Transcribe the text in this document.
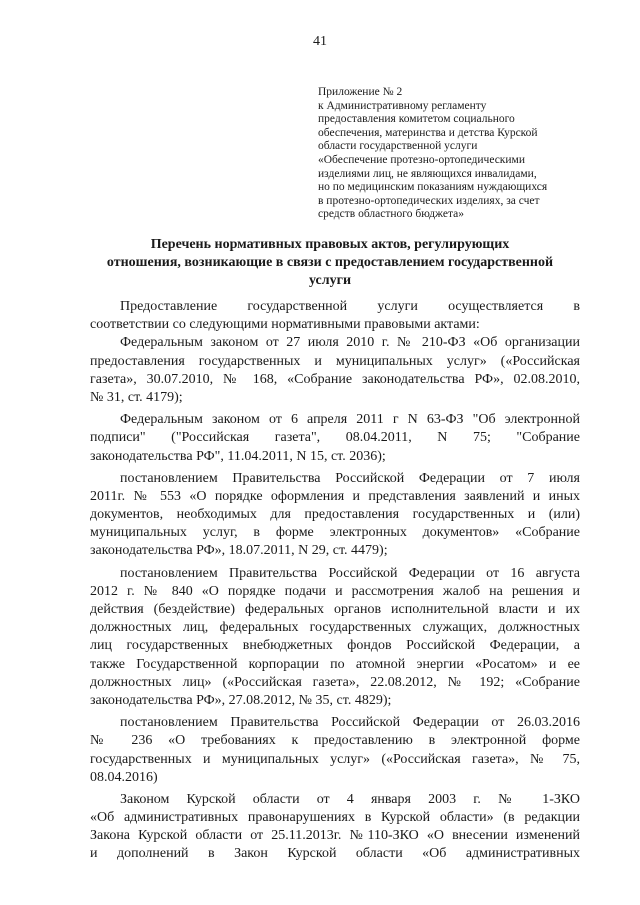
41
Приложение № 2
к Административному регламенту
предоставления комитетом социального
обеспечения, материнства и детства Курской
области государственной услуги
«Обеспечение протезно-ортопедическими
изделиями лиц, не являющихся инвалидами,
но по медицинским показаниям нуждающихся
в протезно-ортопедических изделиях, за счет
средств областного бюджета»
Перечень нормативных правовых актов, регулирующих
отношения, возникающие в связи с предоставлением государственной
услуги
Предоставление государственной услуги осуществляется в
соответствии со следующими нормативными правовыми актами:
Федеральным законом от 27 июля 2010 г. № 210-ФЗ «Об организации
предоставления государственных и муниципальных услуг» («Российская
газета», 30.07.2010, № 168, «Собрание законодательства РФ», 02.08.2010,
№ 31, ст. 4179);
Федеральным законом от 6 апреля 2011 г N 63-ФЗ "Об электронной
подписи" ("Российская газета", 08.04.2011, N 75; "Собрание
законодательства РФ", 11.04.2011, N 15, ст. 2036);
постановлением Правительства Российской Федерации от 7 июля
2011г. № 553 «О порядке оформления и представления заявлений и иных
документов, необходимых для предоставления государственных и (или)
муниципальных услуг, в форме электронных документов» «Собрание
законодательства РФ», 18.07.2011, N 29, ст. 4479);
постановлением Правительства Российской Федерации от 16 августа
2012 г. № 840 «О порядке подачи и рассмотрения жалоб на решения и
действия (бездействие) федеральных органов исполнительной власти и их
должностных лиц, федеральных государственных служащих, должностных
лиц государственных внебюджетных фондов Российской Федерации, а
также Государственной корпорации по атомной энергии «Росатом» и ее
должностных лиц» («Российская газета», 22.08.2012, № 192; «Собрание
законодательства РФ», 27.08.2012, № 35, ст. 4829);
постановлением Правительства Российской Федерации от 26.03.2016
№ 236 «О требованиях к предоставлению в электронной форме
государственных и муниципальных услуг» («Российская газета», № 75,
08.04.2016)
Законом Курской области от 4 января 2003 г. № 1-ЗКО
«Об административных правонарушениях в Курской области» (в редакции
Закона Курской области от 25.11.2013г. №110-ЗКО «О внесении изменений
и дополнений в Закон Курской области «Об административных
